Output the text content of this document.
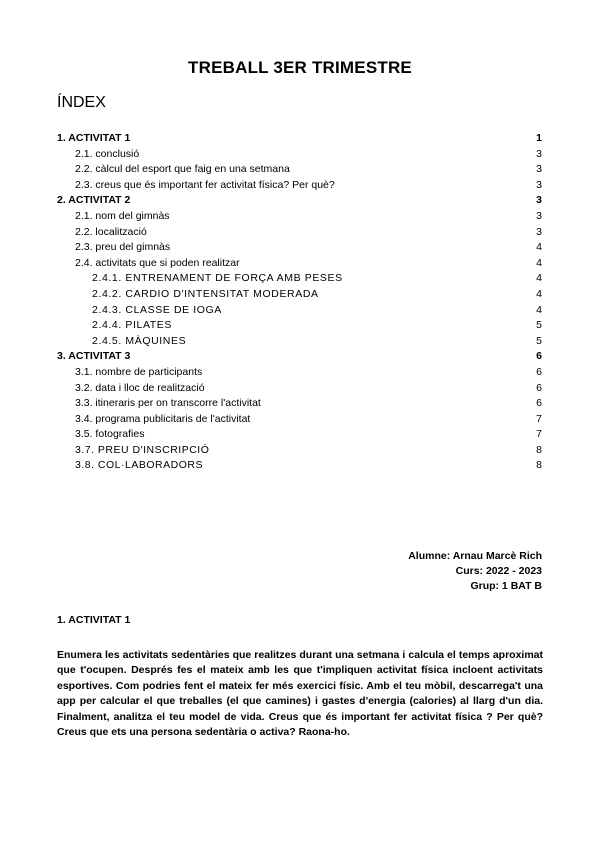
TREBALL 3ER TRIMESTRE
ÍNDEX
1. ACTIVITAT 1	1
2.1. conclusió	3
2.2. càlcul del esport que faig en una setmana	3
2.3. creus que és important fer activitat física? Per què?	3
2. ACTIVITAT 2	3
2.1. nom del gimnàs	3
2.2. localització	3
2.3. preu del gimnàs	4
2.4. activitats que si poden realitzar	4
2.4.1. ENTRENAMENT DE FORÇA AMB PESES	4
2.4.2. CARDIO D'INTENSITAT MODERADA	4
2.4.3. CLASSE DE IOGA	4
2.4.4. PILATES	5
2.4.5. MÀQUINES	5
3. ACTIVITAT 3	6
3.1. nombre de participants	6
3.2. data i lloc de realització	6
3.3. itineraris per on transcorre l'activitat	6
3.4. programa publicitaris de l'activitat	7
3.5. fotografies	7
3.7. PREU D'INSCRIPCIÓ	8
3.8. COL·LABORADORS	8
Alumne: Arnau Marcè Rich
Curs: 2022 - 2023
Grup: 1 BAT B
1. ACTIVITAT 1
Enumera les activitats sedentàries que realitzes durant una setmana i calcula el temps aproximat que t'ocupen. Després fes el mateix amb les que t'impliquen activitat física incloent activitats esportives. Com podries fent el mateix fer més exercici físic. Amb el teu mòbil, descarrega't una app per calcular el que treballes (el que camines) i gastes d'energia (calories) al llarg d'un dia. Finalment, analitza el teu model de vida. Creus que és important fer activitat física ? Per què? Creus que ets una persona sedentària o activa? Raona-ho.
